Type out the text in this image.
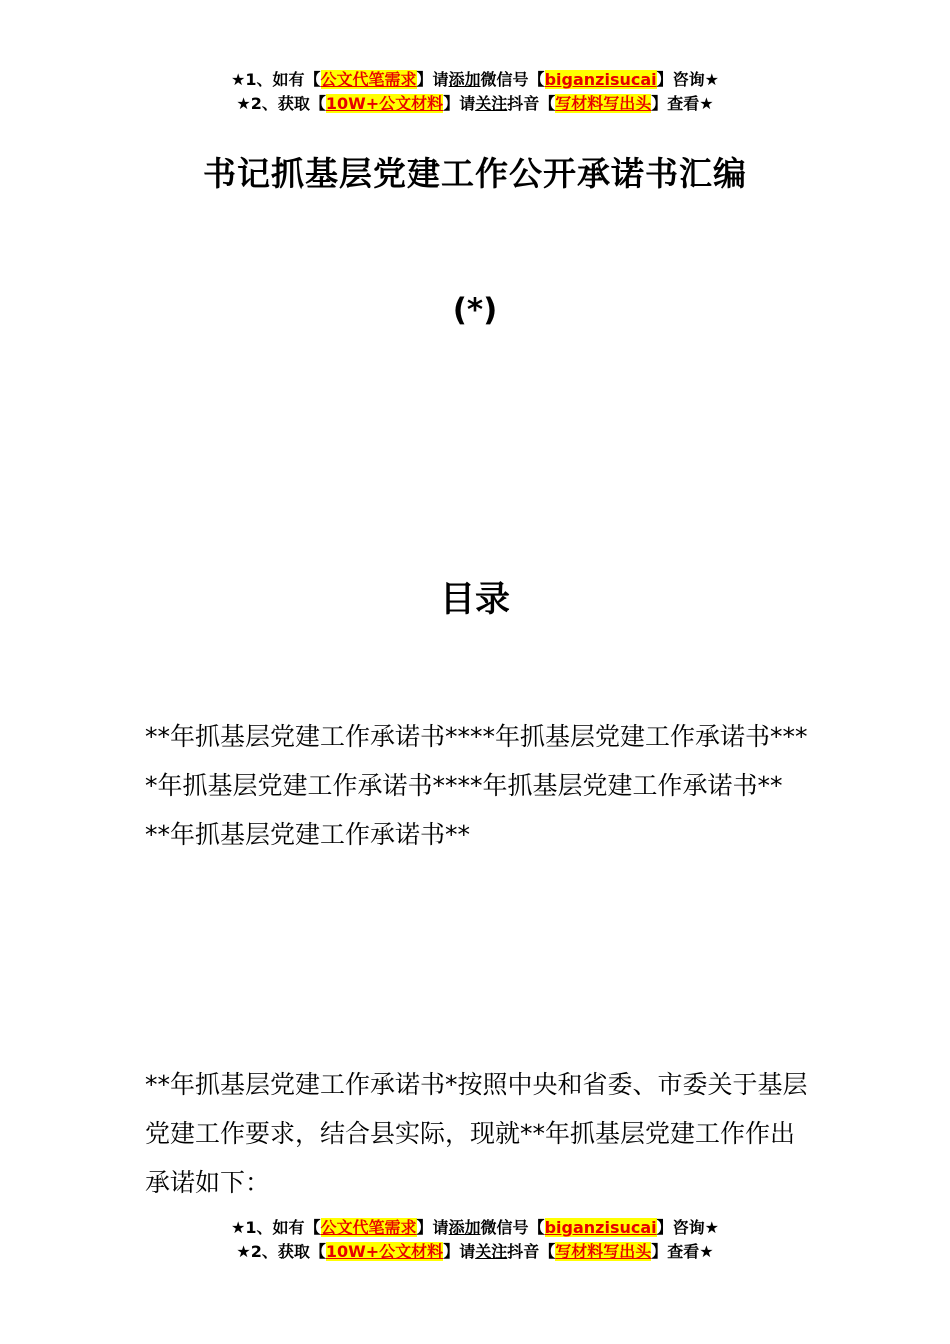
★1、如有【公文代笔需求】请添加微信号【biganzisucai】咨询★
★2、获取【10W+公文材料】请关注抖音【写材料写出头】查看★
书记抓基层党建工作公开承诺书汇编
(*)
目录

**年抓基层党建工作承诺书****年抓基层党建工作承诺书****年抓基层党建工作承诺书****年抓基层党建工作承诺书**

**年抓基层党建工作承诺书**

**年抓基层党建工作承诺书*按照中央和省委、市委关于基层党建工作要求，结合县实际，现就**年抓基层党建工作作出承诺如下：

★1、如有【公文代笔需求】请添加微信号【biganzisucai】咨询★
★2、获取【10W+公文材料】请关注抖音【写材料写出头】查看★
